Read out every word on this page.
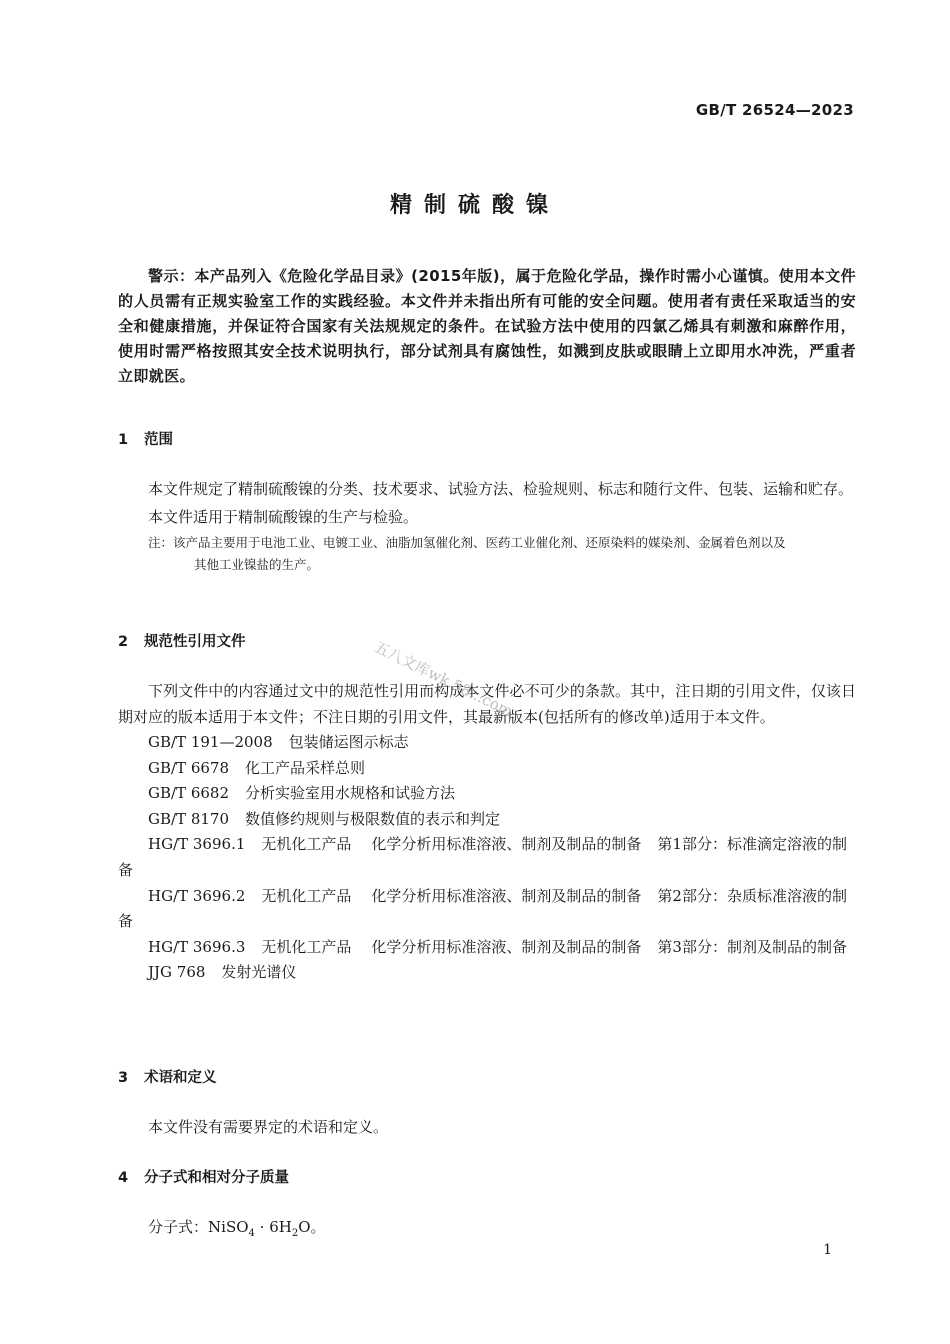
GB/T 26524—2023
精制硫酸镍
警示：本产品列入《危险化学品目录》(2015年版)，属于危险化学品，操作时需小心谨慎。使用本文件的人员需有正规实验室工作的实践经验。本文件并未指出所有可能的安全问题。使用者有责任采取适当的安全和健康措施，并保证符合国家有关法规规定的条件。在试验方法中使用的四氯乙烯具有刺激和麻醉作用，使用时需严格按照其安全技术说明执行，部分试剂具有腐蚀性，如溅到皮肤或眼睛上立即用水冲洗，严重者立即就医。
1 范围

本文件规定了精制硫酸镍的分类、技术要求、试验方法、检验规则、标志和随行文件、包装、运输和贮存。

本文件适用于精制硫酸镍的生产与检验。

注：该产品主要用于电池工业、电镀工业、油脂加氢催化剂、医药工业催化剂、还原染料的媒染剂、金属着色剂以及
其他工业镍盐的生产。
2 规范性引用文件

下列文件中的内容通过文中的规范性引用而构成本文件必不可少的条款。其中，注日期的引用文件，仅该日期对应的版本适用于本文件；不注日期的引用文件，其最新版本(包括所有的修改单)适用于本文件。

GB/T 191—2008 包装储运图示标志
GB/T 6678 化工产品采样总则
GB/T 6682 分析实验室用水规格和试验方法
GB/T 8170 数值修约规则与极限数值的表示和判定
HG/T 3696.1 无机化工产品 化学分析用标准溶液、制剂及制品的制备 第1部分：标准滴定溶液的制备
HG/T 3696.2 无机化工产品 化学分析用标准溶液、制剂及制品的制备 第2部分：杂质标准溶液的制备
HG/T 3696.3 无机化工产品 化学分析用标准溶液、制剂及制品的制备 第3部分：制剂及制品的制备
JJG 768 发射光谱仪
3 术语和定义

本文件没有需要界定的术语和定义。

4 分子式和相对分子质量

分子式：NiSO$_4$ · $6H_2O$。

1
五八文库wk.58...com
